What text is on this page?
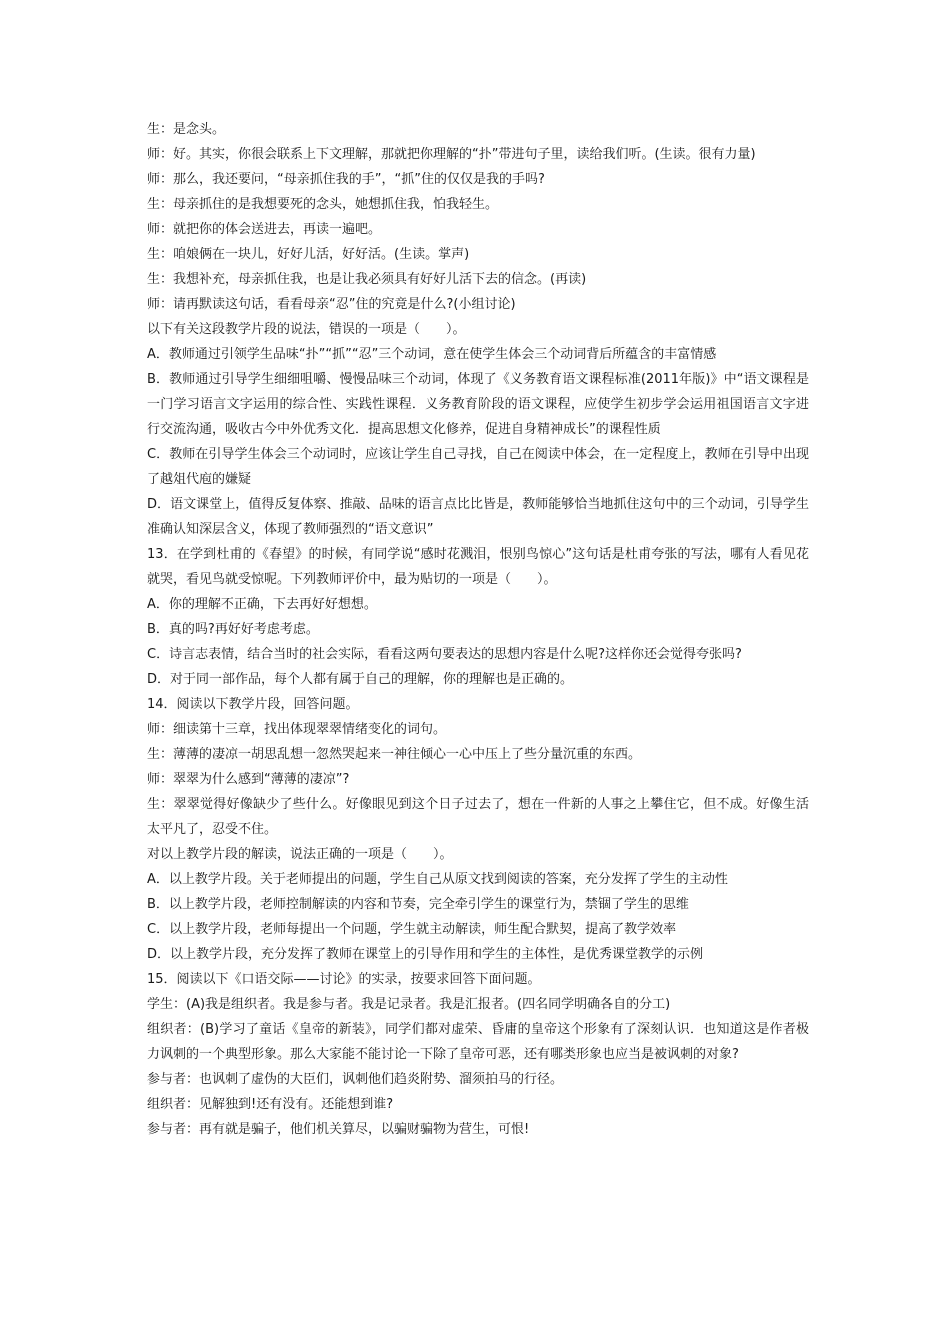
生：是念头。

师：好。其实，你很会联系上下文理解，那就把你理解的“扑”带进句子里，读给我们听。(生读。很有力量)

师：那么，我还要问，“母亲抓住我的手”，“抓”住的仅仅是我的手吗?

生：母亲抓住的是我想要死的念头，她想抓住我，怕我轻生。

师：就把你的体会送进去，再读一遍吧。

生：咱娘俩在一块儿，好好儿活，好好活。(生读。掌声)

生：我想补充，母亲抓住我，也是让我必须具有好好儿活下去的信念。(再读)

师：请再默读这句话，看看母亲“忍”住的究竟是什么?(小组讨论)

以下有关这段教学片段的说法，错误的一项是（　　）。

A．教师通过引领学生品味“扑”“抓”“忍”三个动词，意在使学生体会三个动词背后所蕴含的丰富情感

B．教师通过引导学生细细咀嚼、慢慢品味三个动词，体现了《义务教育语文课程标准(2011年版)》中“语文课程是一门学习语言文字运用的综合性、实践性课程．义务教育阶段的语文课程，应使学生初步学会运用祖国语言文字进行交流沟通，吸收古今中外优秀文化．提高思想文化修养，促进自身精神成长”的课程性质

C．教师在引导学生体会三个动词时，应该让学生自己寻找，自己在阅读中体会，在一定程度上，教师在引导中出现了越俎代庖的嫌疑

D．语文课堂上，值得反复体察、推敲、品味的语言点比比皆是，教师能够恰当地抓住这句中的三个动词，引导学生准确认知深层含义，体现了教师强烈的“语文意识”

13．在学到杜甫的《春望》的时候，有同学说“感时花溅泪，恨别鸟惊心”这句话是杜甫夸张的写法，哪有人看见花就哭，看见鸟就受惊呢。下列教师评价中，最为贴切的一项是（　　）。

A．你的理解不正确，下去再好好想想。

B．真的吗?再好好考虑考虑。

C．诗言志表情，结合当时的社会实际，看看这两句要表达的思想内容是什么呢?这样你还会觉得夸张吗?

D．对于同一部作品，每个人都有属于自己的理解，你的理解也是正确的。

14．阅读以下教学片段，回答问题。

师：细读第十三章，找出体现翠翠情绪变化的词句。

生：薄薄的凄凉一胡思乱想一忽然哭起来一神往倾心一心中压上了些分量沉重的东西。

师：翠翠为什么感到“薄薄的凄凉”?

生：翠翠觉得好像缺少了些什么。好像眼见到这个日子过去了，想在一件新的人事之上攀住它，但不成。好像生活太平凡了，忍受不住。

对以上教学片段的解读，说法正确的一项是（　　）。

A．以上教学片段。关于老师提出的问题，学生自己从原文找到阅读的答案，充分发挥了学生的主动性

B．以上教学片段，老师控制解读的内容和节奏，完全牵引学生的课堂行为，禁锢了学生的思维

C．以上教学片段，老师每提出一个问题，学生就主动解读，师生配合默契，提高了教学效率

D．以上教学片段，充分发挥了教师在课堂上的引导作用和学生的主体性，是优秀课堂教学的示例

15．阅读以下《口语交际——讨论》的实录，按要求回答下面问题。

学生：(A)我是组织者。我是参与者。我是记录者。我是汇报者。(四名同学明确各自的分工)

组织者：(B)学习了童话《皇帝的新装》，同学们都对虚荣、昏庸的皇帝这个形象有了深刻认识．也知道这是作者极力讽刺的一个典型形象。那么大家能不能讨论一下除了皇帝可恶，还有哪类形象也应当是被讽刺的对象?

参与者：也讽刺了虚伪的大臣们，讽刺他们趋炎附势、溜须拍马的行径。

组织者：见解独到!还有没有。还能想到谁?

参与者：再有就是骗子，他们机关算尽，以骗财骗物为营生，可恨!
